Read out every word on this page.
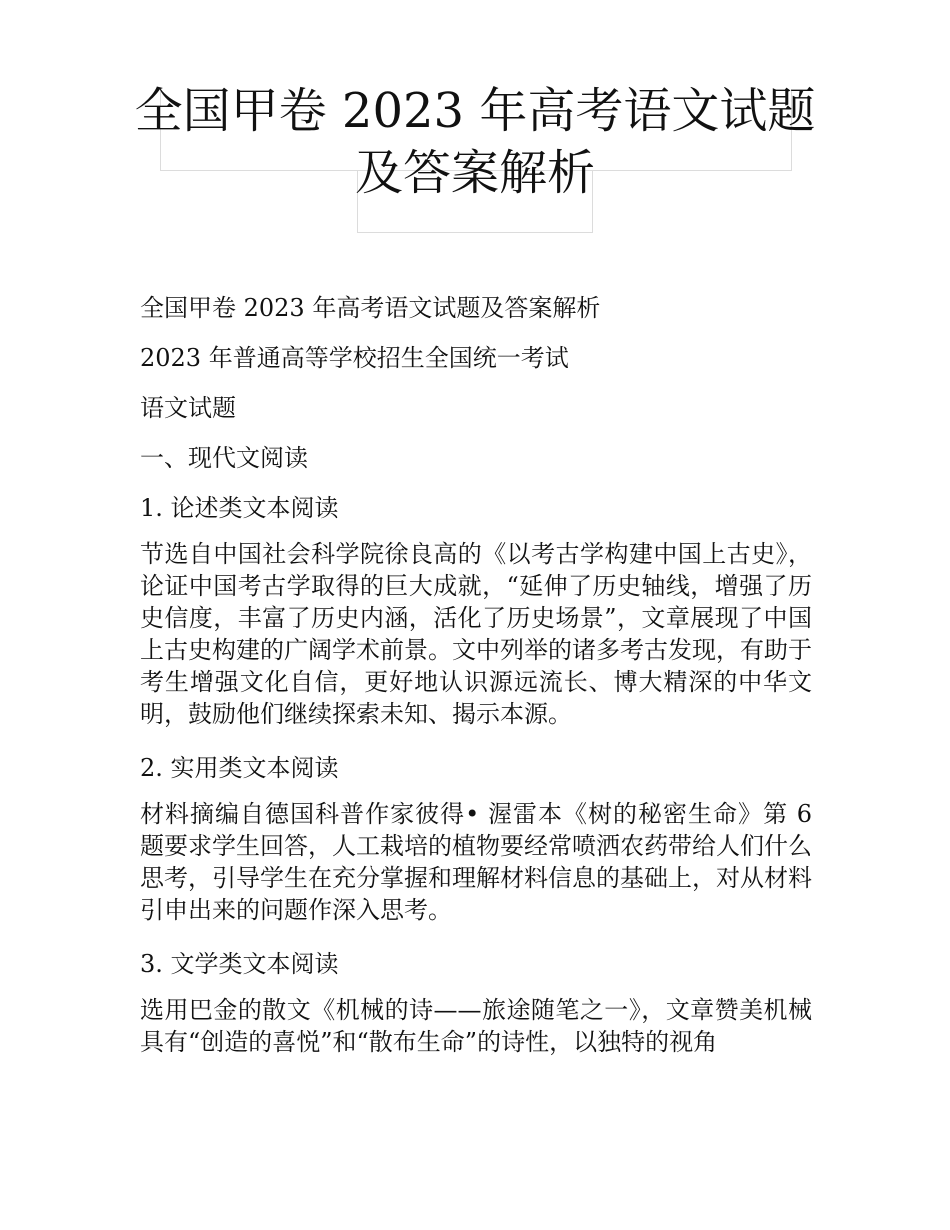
全国甲卷 2023 年高考语文试题
及答案解析
全国甲卷 2023 年高考语文试题及答案解析
2023 年普通高等学校招生全国统一考试
语文试题
一、现代文阅读
1. 论述类文本阅读
节选自中国社会科学院徐良高的《以考古学构建中国上古史》，论证中国考古学取得的巨大成就，“延伸了历史轴线，增强了历史信度，丰富了历史内涵，活化了历史场景”，文章展现了中国上古史构建的广阔学术前景。文中列举的诸多考古发现，有助于考生增强文化自信，更好地认识源远流长、博大精深的中华文明，鼓励他们继续探索未知、揭示本源。
2. 实用类文本阅读
材料摘编自德国科普作家彼得• 渥雷本《树的秘密生命》第 6 题要求学生回答，人工栽培的植物要经常喷洒农药带给人们什么思考，引导学生在充分掌握和理解材料信息的基础上，对从材料引申出来的问题作深入思考。
3. 文学类文本阅读
选用巴金的散文《机械的诗——旅途随笔之一》，文章赞美机械具有“创造的喜悦”和“散布生命”的诗性，以独特的视角
